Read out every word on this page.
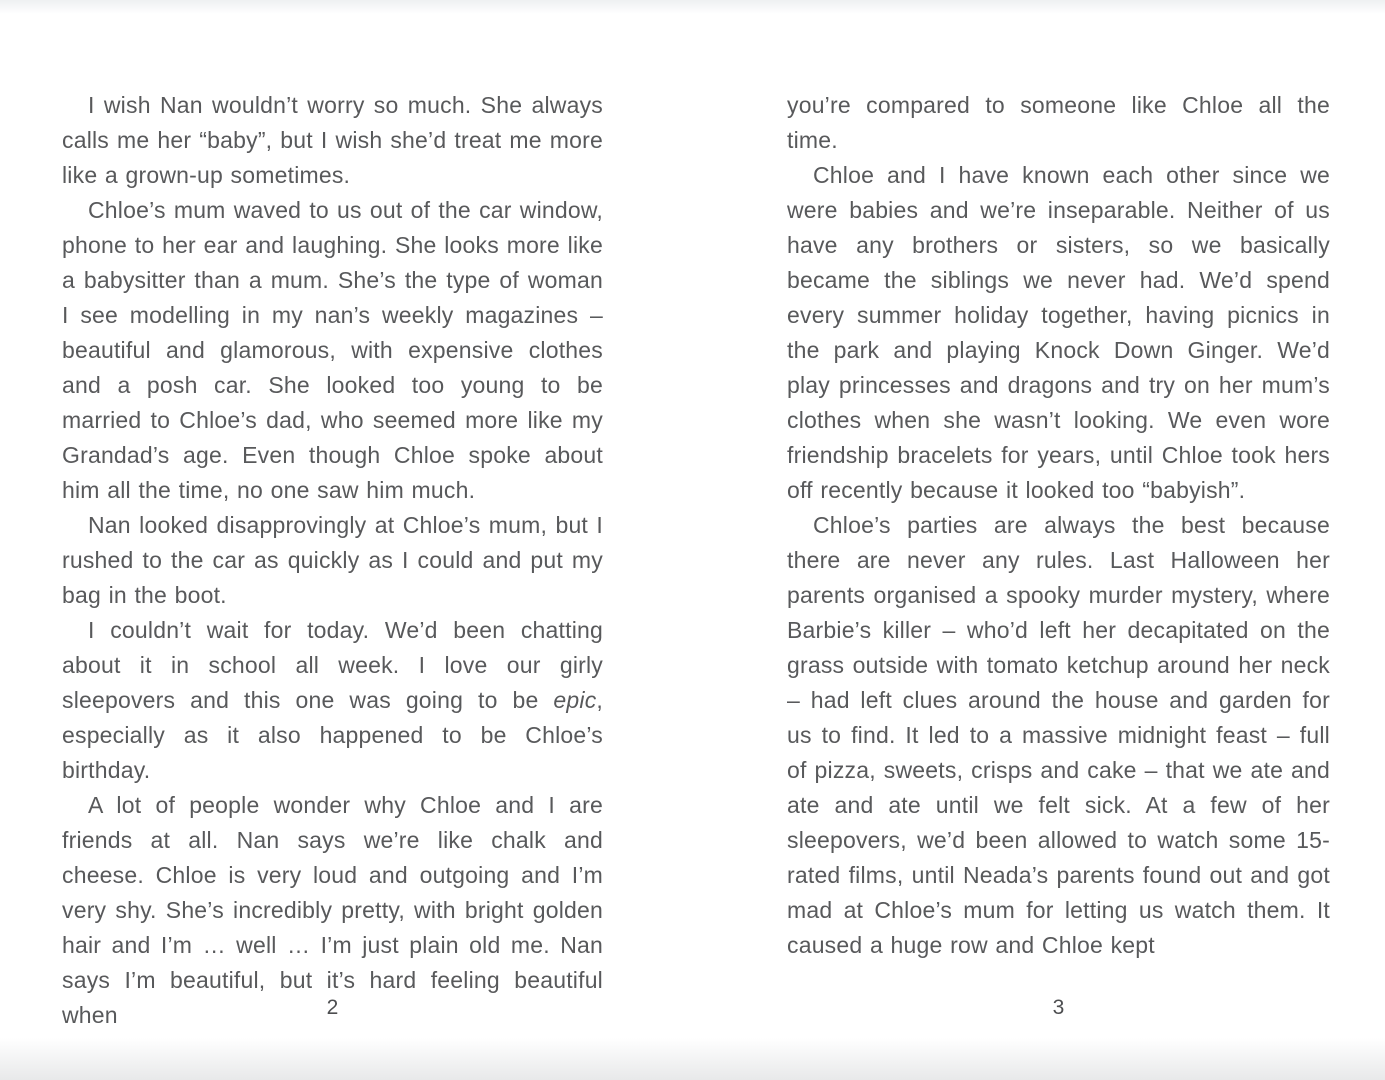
I wish Nan wouldn’t worry so much. She always calls me her “baby”, but I wish she’d treat me more like a grown-up sometimes.

Chloe’s mum waved to us out of the car window, phone to her ear and laughing. She looks more like a babysitter than a mum. She’s the type of woman I see modelling in my nan’s weekly magazines – beautiful and glamorous, with expensive clothes and a posh car. She looked too young to be married to Chloe’s dad, who seemed more like my Grandad’s age. Even though Chloe spoke about him all the time, no one saw him much.

Nan looked disapprovingly at Chloe’s mum, but I rushed to the car as quickly as I could and put my bag in the boot.

I couldn’t wait for today. We’d been chatting about it in school all week. I love our girly sleepovers and this one was going to be epic, especially as it also happened to be Chloe’s birthday.

A lot of people wonder why Chloe and I are friends at all. Nan says we’re like chalk and cheese. Chloe is very loud and outgoing and I’m very shy. She’s incredibly pretty, with bright golden hair and I’m … well … I’m just plain old me. Nan says I’m beautiful, but it’s hard feeling beautiful when	2

you’re compared to someone like Chloe all the time.

Chloe and I have known each other since we were babies and we’re inseparable. Neither of us have any brothers or sisters, so we basically became the siblings we never had. We’d spend every summer holiday together, having picnics in the park and playing Knock Down Ginger. We’d play princesses and dragons and try on her mum’s clothes when she wasn’t looking. We even wore friendship bracelets for years, until Chloe took hers off recently because it looked too “babyish”.

Chloe’s parties are always the best because there are never any rules. Last Halloween her parents organised a spooky murder mystery, where Barbie’s killer – who’d left her decapitated on the grass outside with tomato ketchup around her neck – had left clues around the house and garden for us to find. It led to a massive midnight feast – full of pizza, sweets, crisps and cake – that we ate and ate and ate until we felt sick. At a few of her sleepovers, we’d been allowed to watch some 15-rated films, until Neada’s parents found out and got mad at Chloe’s mum for letting us watch them. It caused a huge row and Chloe kept

3
